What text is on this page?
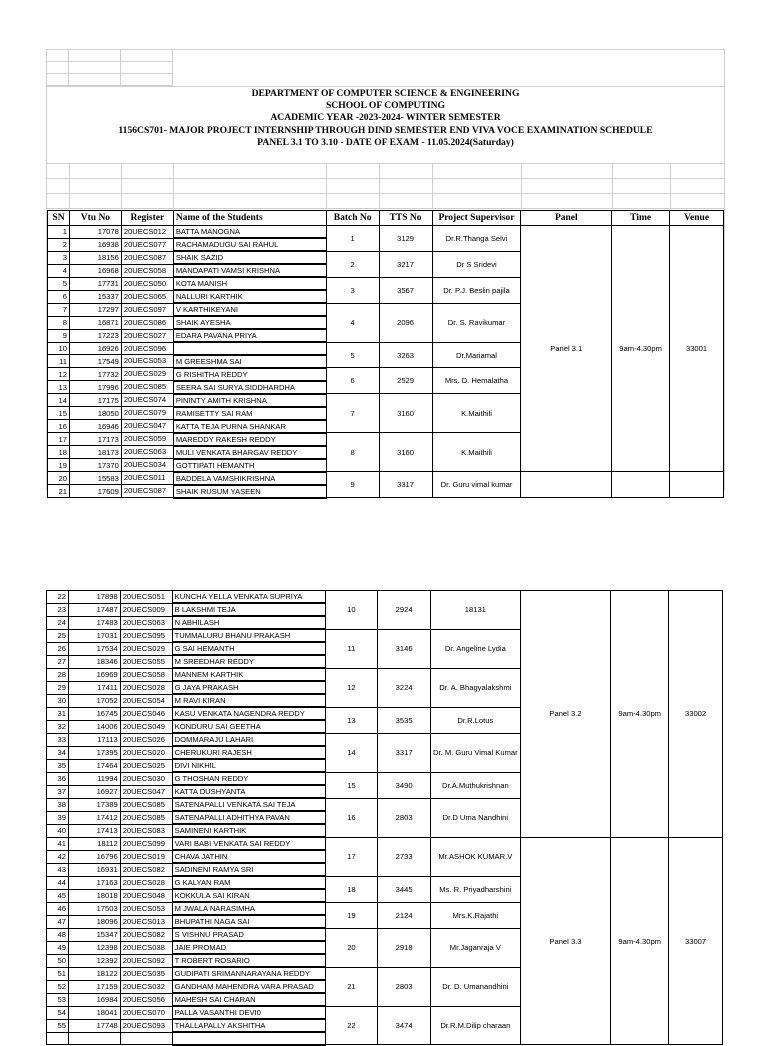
DEPARTMENT OF COMPUTER SCIENCE & ENGINEERING
SCHOOL OF COMPUTING
ACADEMIC YEAR -2023-2024- WINTER SEMESTER
1156CS701- MAJOR PROJECT INTERNSHIP THROUGH DIND SEMESTER END VIVA VOCE EXAMINATION SCHEDULE
PANEL 3.1 TO 3.10 - DATE OF EXAM - 11.05.2024(Saturday)
SN	Vtu No	Register	Name of the Students	Batch No	TTS No	Project Supervisor	Panel	Time	Venue
1	17078	20UECS012	BATTA MANOGNA	1	3129	Dr.R.Thanga Selvi	Panel 3.1	9am-4.30pm	33001
2	16938	20UECS077	RACHAMADUGU SAI RAHUL						
3	18156	20UECS087	SHAIK SAZID	2	3217	Dr S Sridevi			
4	16968	20UECS058	MANDAPATI VAMSI KRISHNA						
5	17731	20UECS050	KOTA MANISH	3	3567	Dr. P.J. Beslin pajila			
6	15337	20UECS065	NALLURI KARTHIK						
7	17297	20UECS097	V KARTHIKEYANI	4	2096	Dr. S. Ravikumar			
8	16871	20UECS086	SHAIK AYESHA						
9	17223	20UECS027	EDARA PAVANA PRIYA						
10	16926	20UECS096		5	3263	Dr.Mariamal			
11	17549	20UECS053	M GREESHMA SAI						
12	17732	20UECS029	G RISHITHA REDDY	6	2529	Mrs. D. Hemalatha			
13	17996	20UECS085	SEERA SAI SURYA SIDDHARDHA						
14	17175	20UECS074	PININTY AMITH KRISHNA	7	3160	K.Maithili			
15	18050	20UECS079	RAMISETTY SAI RAM						
16	16946	20UECS047	KATTA TEJA PURNA SHANKAR						
17	17173	20UECS059	MAREDDY RAKESH REDDY	8	3160	K.Maithili			
18	18173	20UECS063	MULI VENKATA BHARGAV REDDY						
19	17370	20UECS034	GOTTIPATI HEMANTH						
20	15583	20UECS011	BADDELA VAMSHIKRISHNA	9	3317	Dr. Guru vimal kumar			
21	17609	20UECS087	SHAIK RUSUM YASEEN						
22	17898	20UECS051	KUNCHA YELLA VENKATA SUPRIYA	10	2924	18131	Panel 3.2	9am-4.30pm	33002
23	17487	20UECS009	B LAKSHMI TEJA						
24	17483	20UECS063	N ABHILASH						
25	17031	20UECS095	TUMMALURU BHANU PRAKASH	11	3146	Dr. Angeline Lydia			
26	17534	20UECS029	G SAI HEMANTH						
27	18346	20UECS055	M SREEDHAR REDDY						
28	16969	20UECS058	MANNEM KARTHIK	12	3224	Dr. A. Bhagyalakshmi			
29	17411	20UECS028	G JAYA PRAKASH						
30	17052	20UECS054	M RAVI KIRAN						
31	16745	20UECS046	KASU VENKATA NAGENDRA REDDY	13	3535	Dr.R.Lotus			
32	14006	20UECS049	KONDURU SAI GEETHA						
33	17113	20UECS026	DOMMARAJU LAHARI	14	3317	Dr. M. Guru Vimal Kumar			
34	17395	20UECS020	CHERUKURI RAJESH						
35	17464	20UECS025	DIVI NIKHIL						
36	11994	20UECS030	G THOSHAN REDDY	15	3490	Dr.A.Muthukrishnan			
37	16927	20UECS047	KATTA DUSHYANTA						
38	17389	20UECS085	SATENAPALLI VENKATA SAI TEJA	16	2803	Dr.D Uma Nandhini			
39	17412	20UECS085	SATENAPALLI ADHITHYA PAVAN						
40	17413	20UECS083	SAMINENI KARTHIK						
41	18112	20UECS099	VARI BABI VENKATA SAI REDDY	17	2733	Mr.ASHOK KUMAR.V	Panel 3.3	9am-4.30pm	33007
42	16796	20UECS019	CHAVA JATHIN						
43	16931	20UECS082	SADINENI RAMYA SRI						
44	17163	20UECS028	G KALYAN RAM	18	3445	Ms. R. Priyadharshini			
45	18018	20UECS048	KOKKULA SAI KIRAN						
46	17503	20UECS053	M JWALA NARASIMHA	19	2124	Mrs.K.Rajathi			
47	18096	20UECS013	BHUPATHI NAGA SAI						
48	15347	20UECS082	S VISHNU PRASAD	20	2918	Mr.Jaganraja V			
49	12398	20UECS038	JAIE PROMAD						
50	12392	20UECS092	T ROBERT ROSARIO						
51	18122	20UECS035	GUDIPATI SRIMANNARAYANA REDDY	21	2803	Dr. D. Umanandhini			
52	17159	20UECS032	GANDHAM MAHENDRA VARA PRASAD						
53	16984	20UECS056	MAHESH SAI CHARAN						
54	18041	20UECS070	PALLA VASANTHI DEVI0	22	3474	Dr.R.M.Dilip charaan			
55	17748	20UECS093	THALLAPALLY AKSHITHA						
